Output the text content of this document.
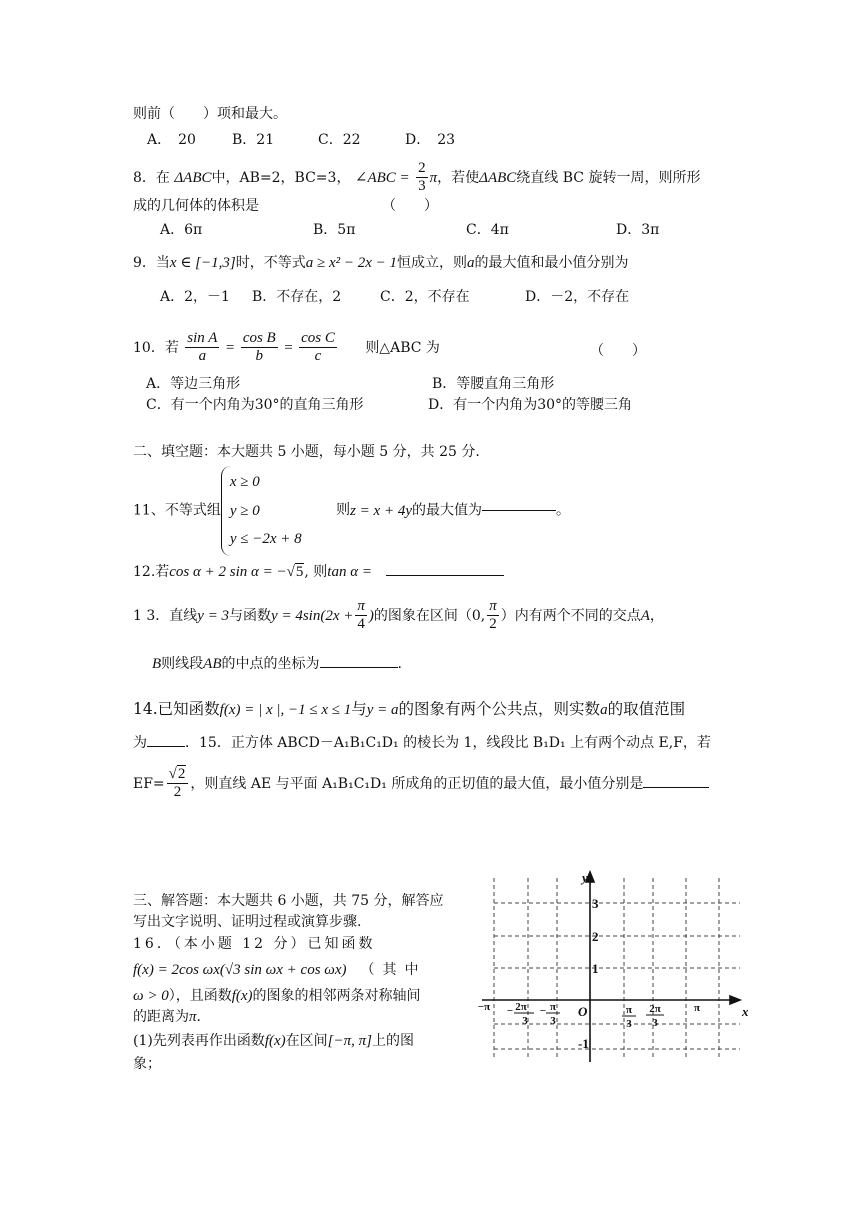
则前（　　）项和最大。
A．　20	B．21	C．22	D．　23
8．在 ΔABC中，AB=2，BC=3， ∠ABC = $\frac{2}{3}$ π，若使ΔABC绕直线 BC 旋转一周，则所形
成的几何体的体积是	（　　）
A．6π	B．5π	C．4π	D．3π
9．当x ∈ [−1,3]时，不等式a ≥ x² − 2x − 1恒成立，则a的最大值和最小值分别为
A．2，－1 B．不存在，2	C．2，不存在	D．－2，不存在
10．若 $\frac{\text{sin A}}{a} = \frac{\text{cos B}}{b} = \frac{\text{cos C}}{c}$ 则△ABC 为	（　　）
A．等边三角形	B．等腰直角三角形
C．有一个内角为30°的直角三角形	D．有一个内角为30°的等腰三角
二、填空题：本大题共 5 小题，每小题 5 分，共 25 分.
11、不等式组
x ≥ 0
y ≥ 0
y ≤ −2x + 8
则z = x + 4y的最大值为	。
12.若cos α + 2 sin α = −√5, 则tan α =
1 3．直线y = 3与函数$y = 4\sin(2x + \frac{\pi}{4}$ )的图象在区间（0, $\frac{\pi}{2}$ ）内有两个不同的交点A，
B则线段AB的中点的坐标为	.
14.已知函数f(x) = | x |, −1 ≤ x ≤ 1与y = a的图象有两个公共点，则实数a的取值范围
为	．15．正方体 ABCD－A₁B₁C₁D₁ 的棱长为 1，线段比 B₁D₁ 上有两个动点 E,F，若
$EF= \frac{√2}{2}$ ，则直线 AE 与平面 A₁B₁C₁D₁ 所成角的正切值的最大值，最小值分别是
三、解答题：本大题共 6 小题，共 75 分，解答应
写出文字说明、证明过程或演算步骤.
16．（本小题 12 分）已知函数
f(x) = 2cos ωx(√3 sin ωx + cos ωx) （其中
ω > 0），且函数f(x)的图象的相邻两条对称轴间
的距离为π．
(1)先列表再作出函数f(x)在区间[−π, π]上的图
象；
x
y
O
3
2
1
-1
−π 2π
3
−	π
3
−	π
3
2π
3
π
